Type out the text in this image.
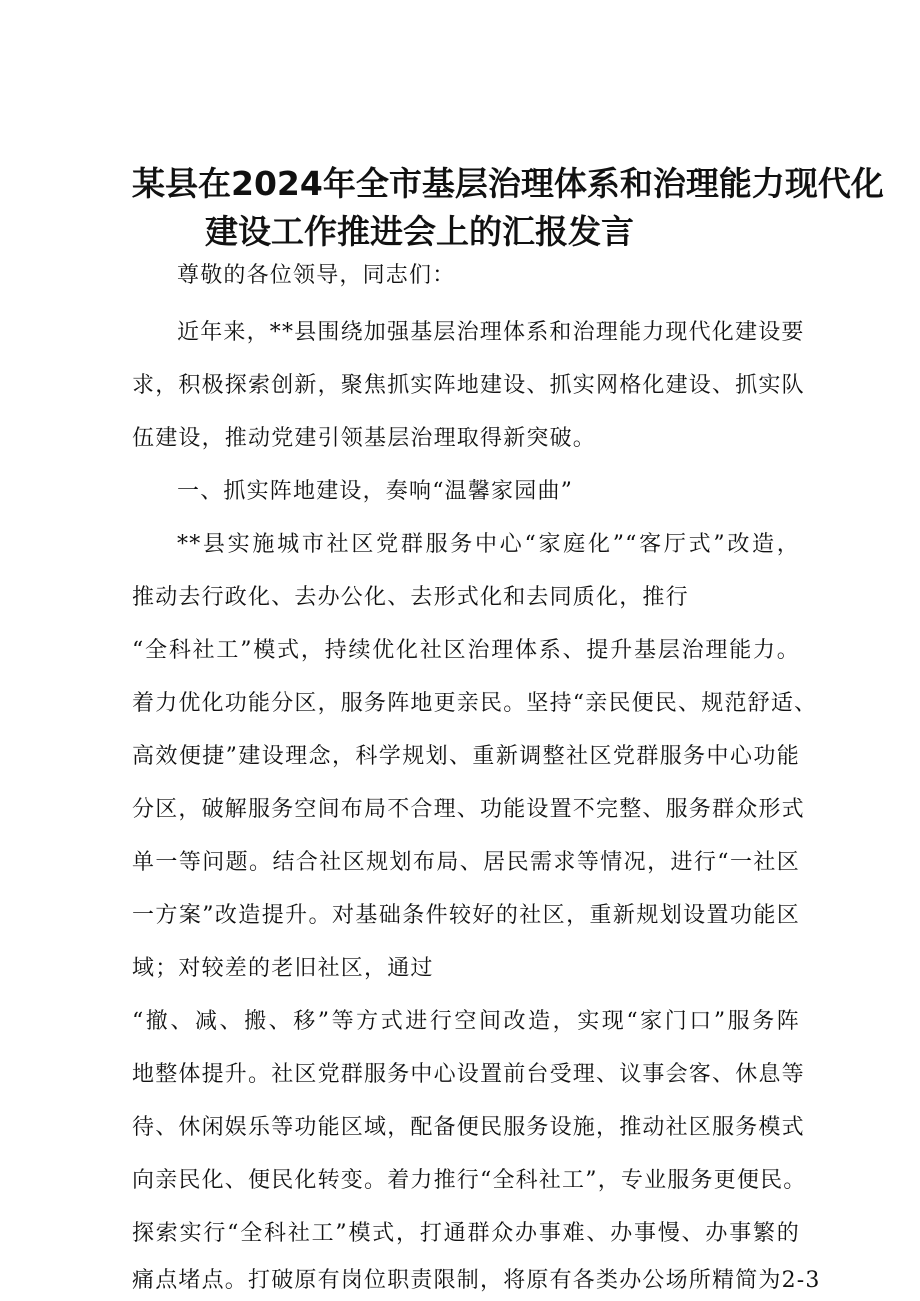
某县在2024年全市基层治理体系和治理能力现代化
建设工作推进会上的汇报发言
尊敬的各位领导，同志们：
近年来，**县围绕加强基层治理体系和治理能力现代化建设要
求，积极探索创新，聚焦抓实阵地建设、抓实网格化建设、抓实队
伍建设，推动党建引领基层治理取得新突破。
一、抓实阵地建设，奏响“温馨家园曲”
**县实施城市社区党群服务中心“家庭化”“客厅式”改造，
推动去行政化、去办公化、去形式化和去同质化，推行
“全科社工”模式，持续优化社区治理体系、提升基层治理能力。
着力优化功能分区，服务阵地更亲民。坚持“亲民便民、规范舒适、
高效便捷”建设理念，科学规划、重新调整社区党群服务中心功能
分区，破解服务空间布局不合理、功能设置不完整、服务群众形式
单一等问题。结合社区规划布局、居民需求等情况，进行“一社区
一方案”改造提升。对基础条件较好的社区，重新规划设置功能区
域；对较差的老旧社区，通过
“撤、减、搬、移”等方式进行空间改造，实现“家门口”服务阵
地整体提升。社区党群服务中心设置前台受理、议事会客、休息等
待、休闲娱乐等功能区域，配备便民服务设施，推动社区服务模式
向亲民化、便民化转变。着力推行“全科社工”，专业服务更便民。
探索实行“全科社工”模式，打通群众办事难、办事慢、办事繁的
痛点堵点。打破原有岗位职责限制，将原有各类办公场所精简为2-3
